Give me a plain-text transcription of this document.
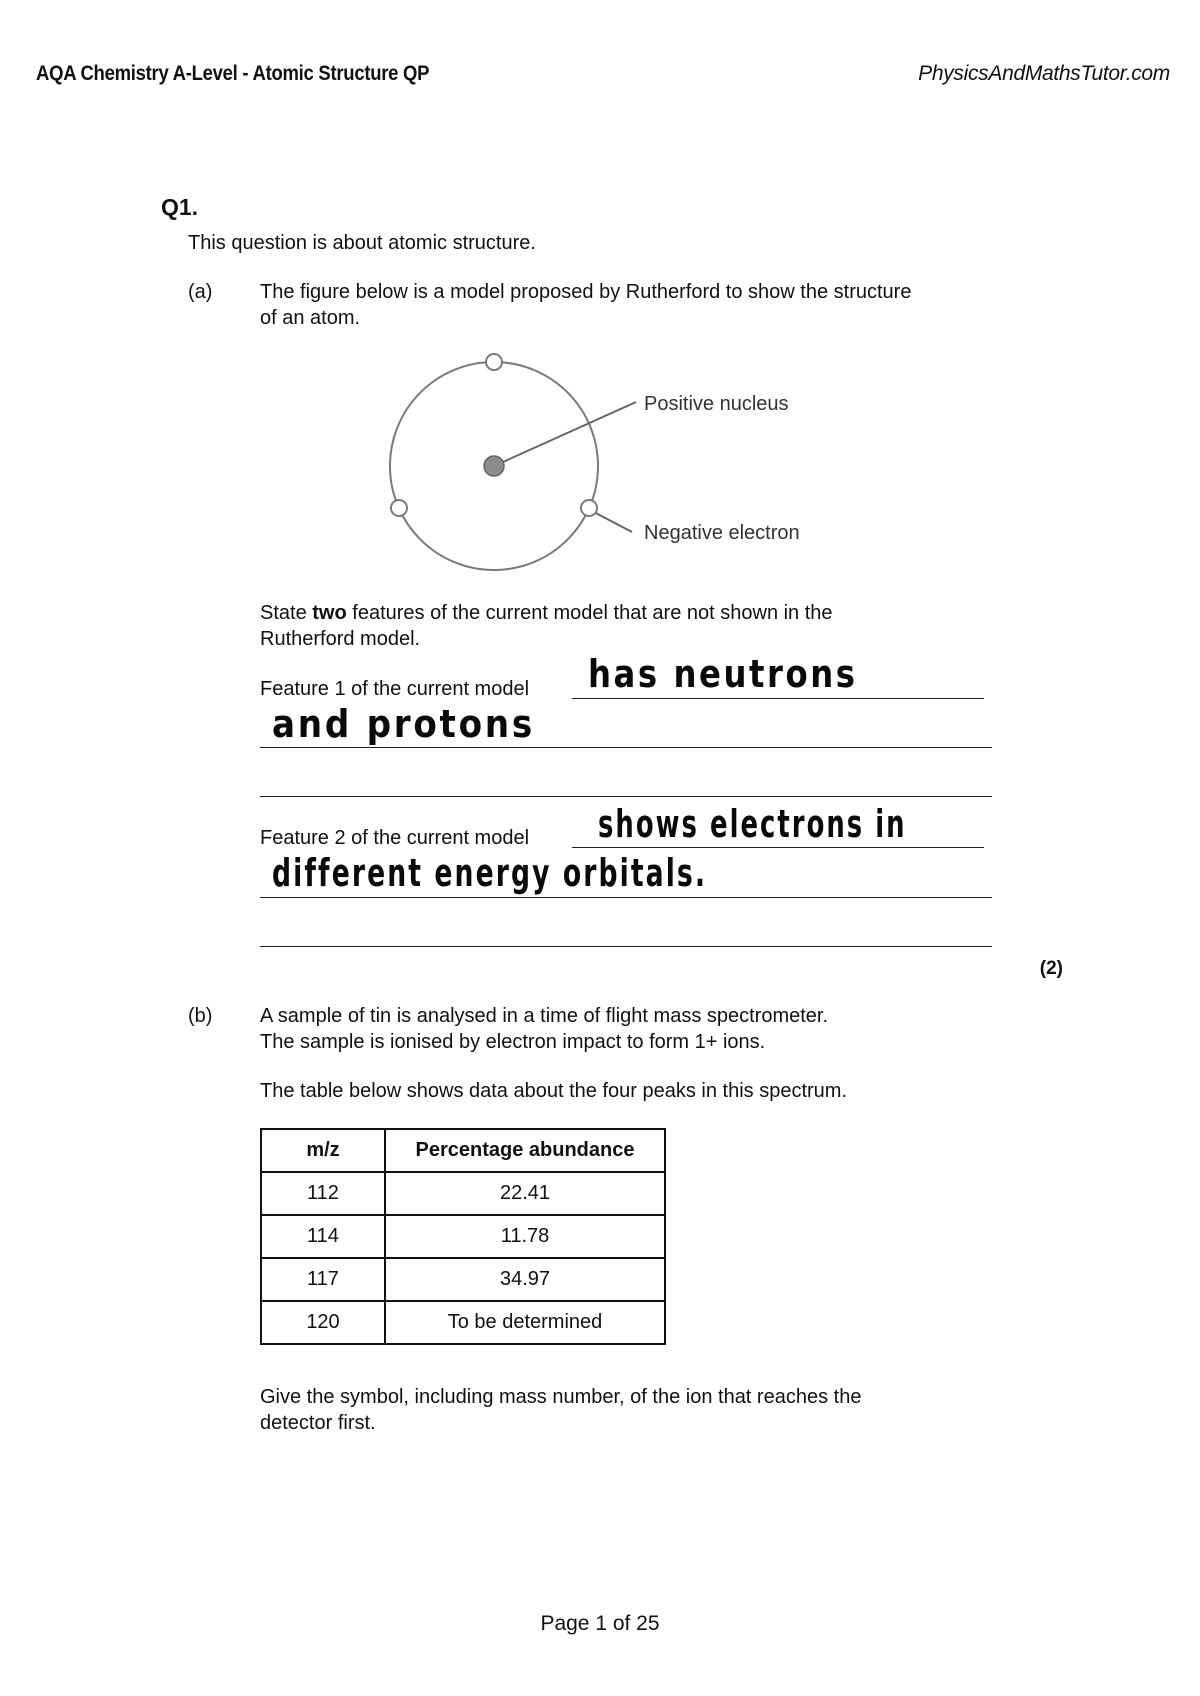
AQA Chemistry A-Level - Atomic Structure QP	PhysicsAndMathsTutor.com
Q1.
This question is about atomic structure.
(a) The figure below is a model proposed by Rutherford to show the structure
of an atom.
Positive nucleus
Negative electron
State two features of the current model that are not shown in the
Rutherford model.
Feature 1 of the current model has neutrons
and protons
Feature 2 of the current model shows electrons in
different energy orbitals.
(2)
(b) A sample of tin is analysed in a time of flight mass spectrometer.
The sample is ionised by electron impact to form 1+ ions.
The table below shows data about the four peaks in this spectrum.
m/z	Percentage abundance
112	22.41
114	11.78
117	34.97
120	To be determined
Give the symbol, including mass number, of the ion that reaches the
detector first.
Page 1 of 25
